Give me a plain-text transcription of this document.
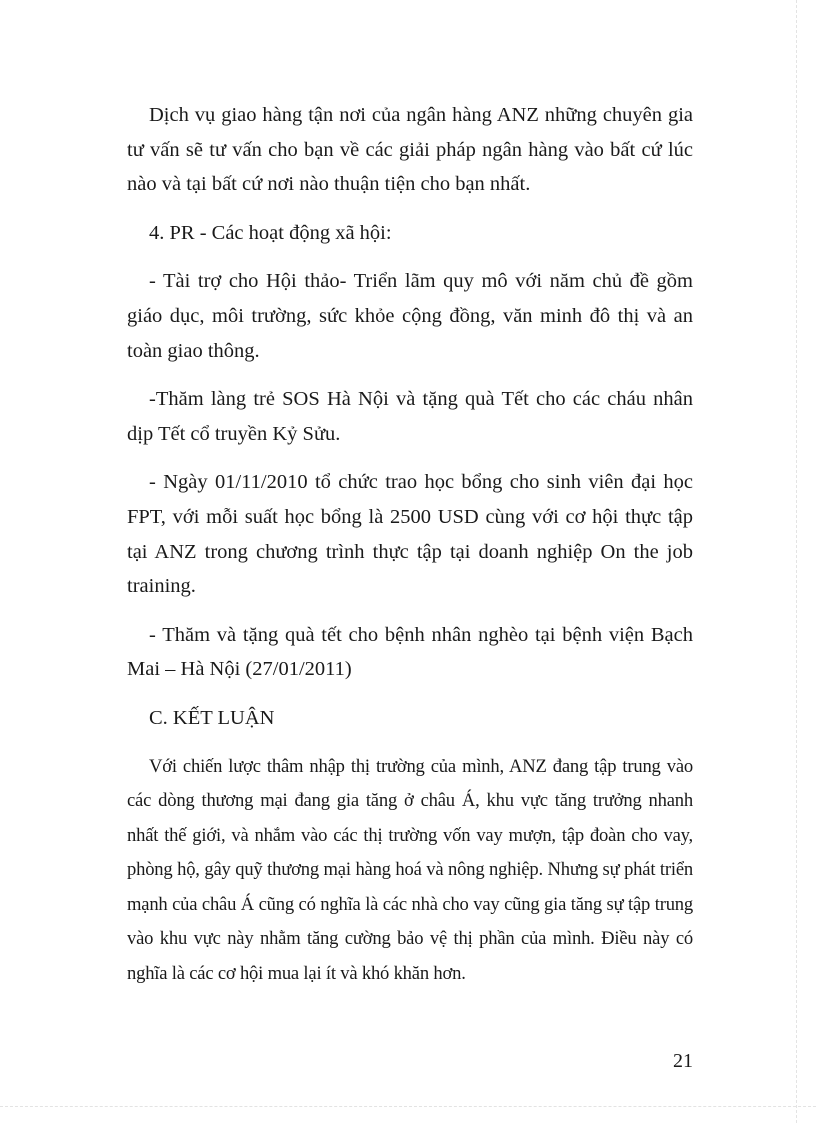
Dịch vụ giao hàng tận nơi của ngân hàng ANZ những chuyên gia tư vấn sẽ tư vấn cho bạn về các giải pháp ngân hàng vào bất cứ lúc nào và tại bất cứ nơi nào thuận tiện cho bạn nhất.

4. PR - Các hoạt động xã hội:

- Tài trợ cho Hội thảo- Triển lãm quy mô với năm chủ đề gồm giáo dục, môi trường, sức khỏe cộng đồng, văn minh đô thị và an toàn giao thông.

-Thăm làng trẻ SOS Hà Nội và tặng quà Tết cho các cháu nhân dịp Tết cổ truyền Kỷ Sửu.

- Ngày 01/11/2010 tổ chức trao học bổng cho sinh viên đại học FPT, với mỗi suất học bổng là 2500 USD cùng với cơ hội thực tập tại ANZ trong chương trình thực tập tại doanh nghiệp On the job training.

- Thăm và tặng quà tết cho bệnh nhân nghèo tại bệnh viện Bạch Mai – Hà Nội (27/01/2011)

C. KẾT LUẬN

Với chiến lược thâm nhập thị trường của mình, ANZ đang tập trung vào các dòng thương mại đang gia tăng ở châu Á, khu vực tăng trưởng nhanh nhất thế giới, và nhắm vào các thị trường vốn vay mượn, tập đoàn cho vay, phòng hộ, gây quỹ thương mại hàng hoá và nông nghiệp. Nhưng sự phát triển mạnh của châu Á cũng có nghĩa là các nhà cho vay cũng gia tăng sự tập trung vào khu vực này nhằm tăng cường bảo vệ thị phần của mình. Điều này có nghĩa là các cơ hội mua lại ít và khó khăn hơn.

21
